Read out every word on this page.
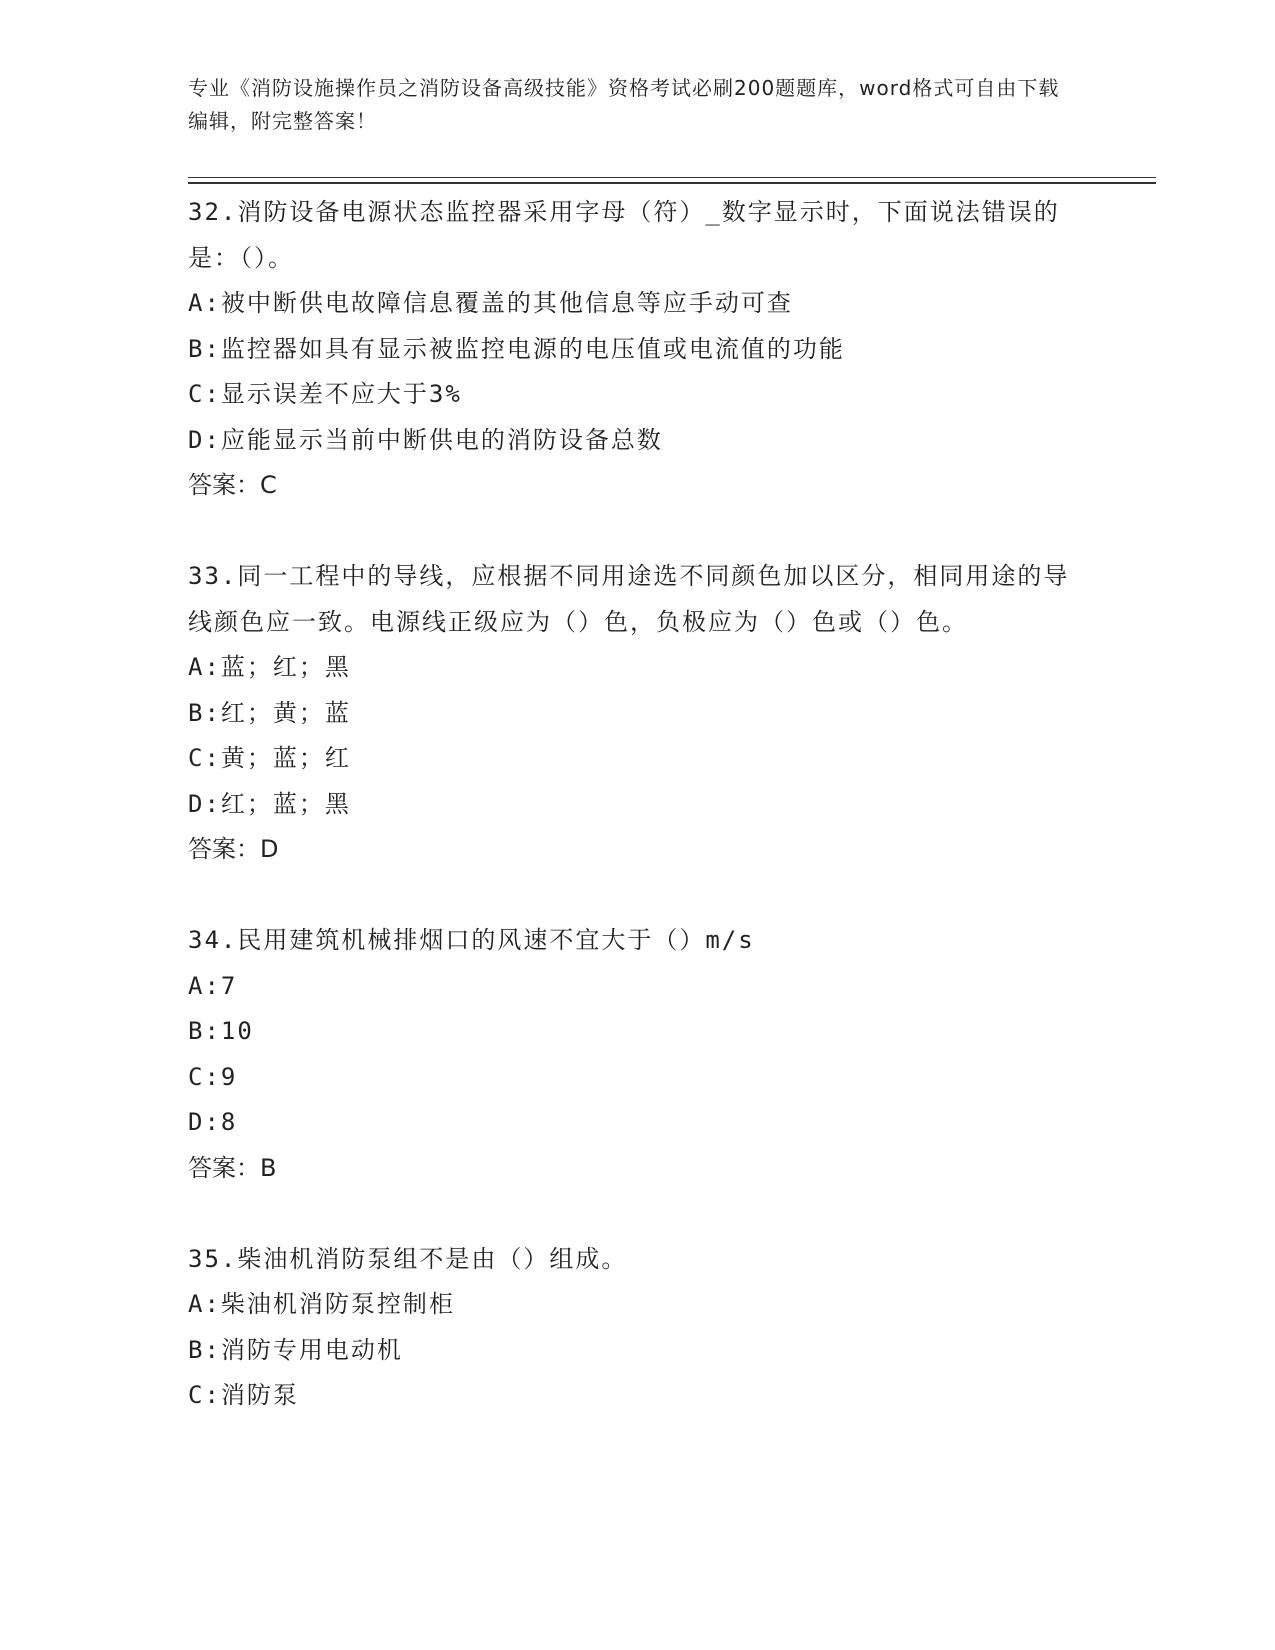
专业《消防设施操作员之消防设备高级技能》资格考试必刷200题题库，word格式可自由下载编辑，附完整答案！

32.消防设备电源状态监控器采用字母（符）_数字显示时，下面说法错误的是：（）。

A:被中断供电故障信息覆盖的其他信息等应手动可查

B:监控器如具有显示被监控电源的电压值或电流值的功能

C:显示误差不应大于3%

D:应能显示当前中断供电的消防设备总数

答案：C

33.同一工程中的导线，应根据不同用途选不同颜色加以区分，相同用途的导线颜色应一致。电源线正级应为（）色，负极应为（）色或（）色。

A:蓝；红；黑

B:红；黄；蓝

C:黄；蓝；红

D:红；蓝；黑

答案：D

34.民用建筑机械排烟口的风速不宜大于（）m/s

A:7

B:10

C:9

D:8

答案：B

35.柴油机消防泵组不是由（）组成。

A:柴油机消防泵控制柜

B:消防专用电动机

C:消防泵
